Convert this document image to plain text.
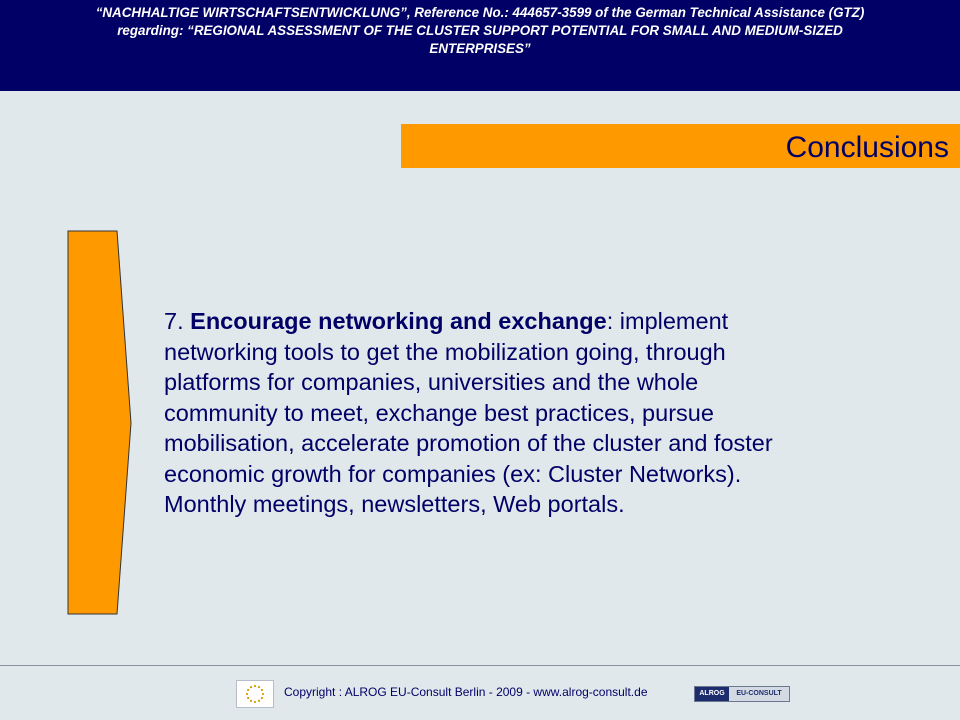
“NACHHALTIGE WIRTSCHAFTSENTWICKLUNG”, Reference No.: 444657-3599 of the German Technical Assistance (GTZ)
regarding: “REGIONAL ASSESSMENT OF THE CLUSTER SUPPORT POTENTIAL FOR SMALL AND MEDIUM-SIZED
ENTERPRISES”
Conclusions
7. Encourage networking and exchange: implement
networking tools to get the mobilization going, through
platforms for companies, universities and the whole
community to meet, exchange best practices, pursue
mobilisation, accelerate promotion of the cluster and foster
economic growth for companies (ex: Cluster Networks).
Monthly meetings, newsletters, Web portals.
Copyright : ALROG EU-Consult Berlin - 2009 - www.alrog-consult.de	ALROG	EU-CONSULT
